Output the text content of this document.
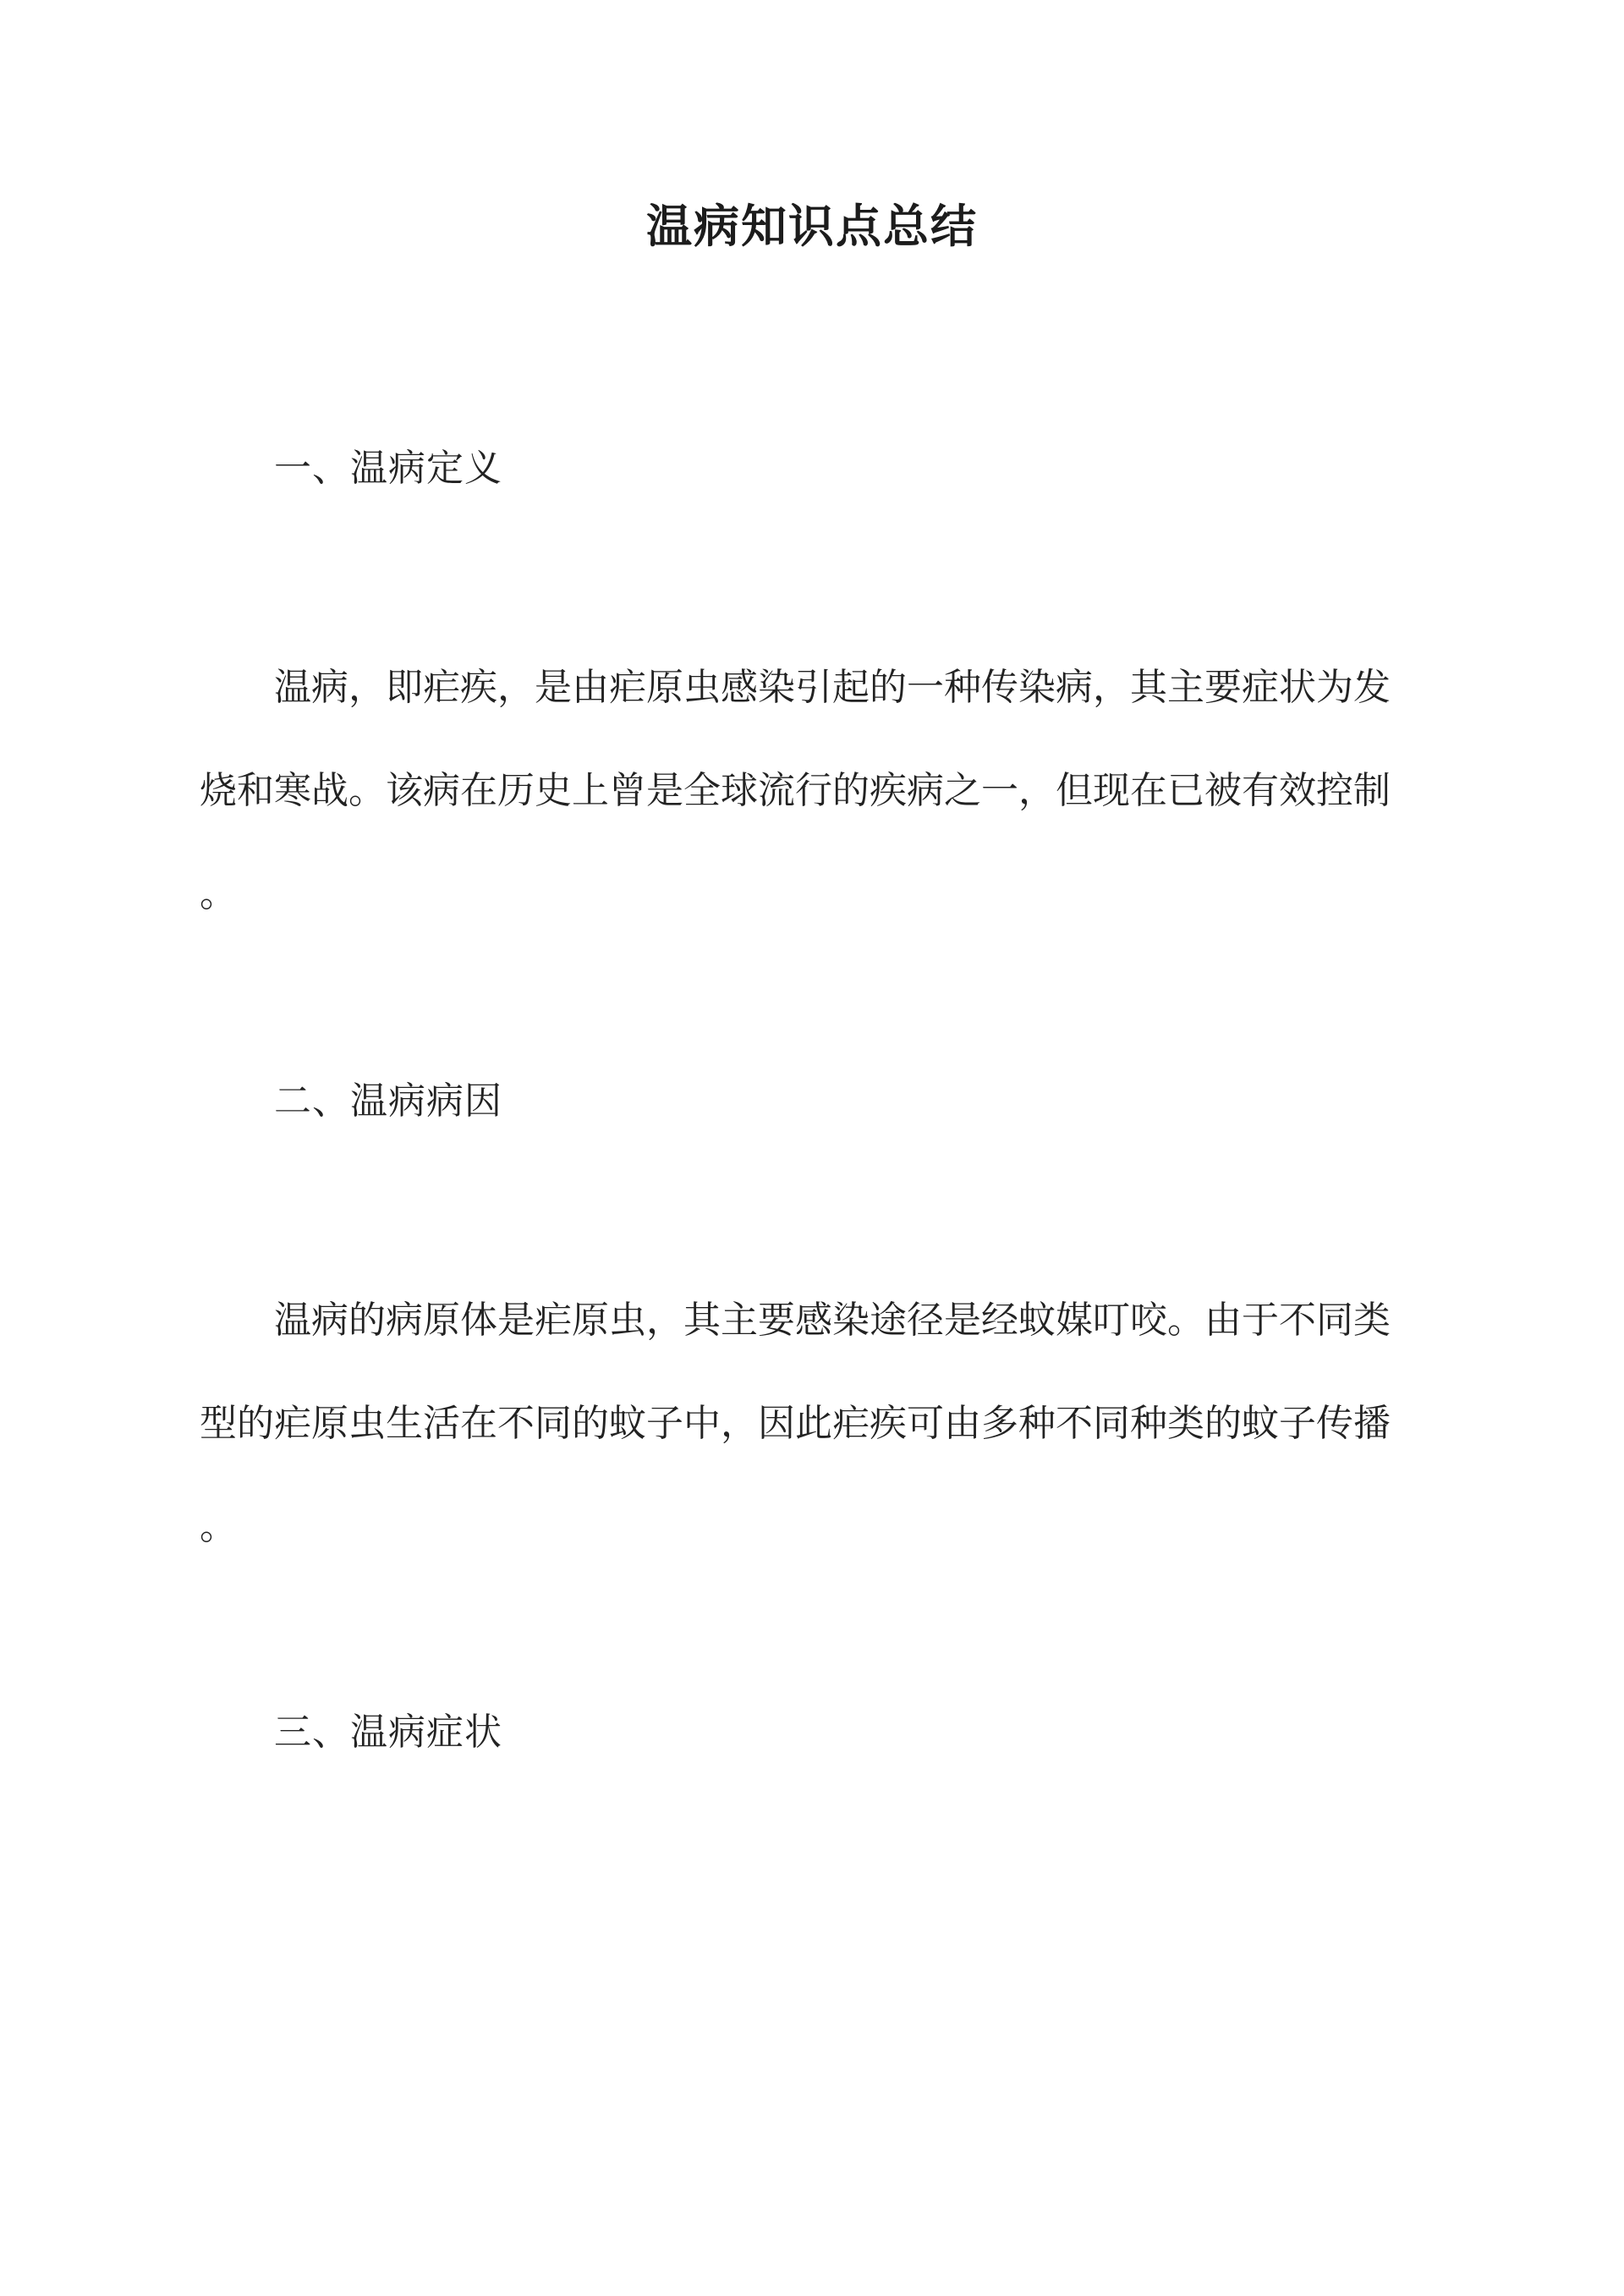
温病知识点总结
一、温病定义
温病，即疟疾，是由疟原虫感染引起的一种传染病，其主要症状为发
烧和寒战。该病在历史上曾是全球流行的疾病之一，但现在已被有效控制
。
二、温病病因
温病的病原体是疟原虫，其主要感染途径是经蚊媒叮咬。由于不同类
型的疟原虫生活在不同的蚊子中，因此疟疾可由多种不同种类的蚊子传播
。
三、温病症状
